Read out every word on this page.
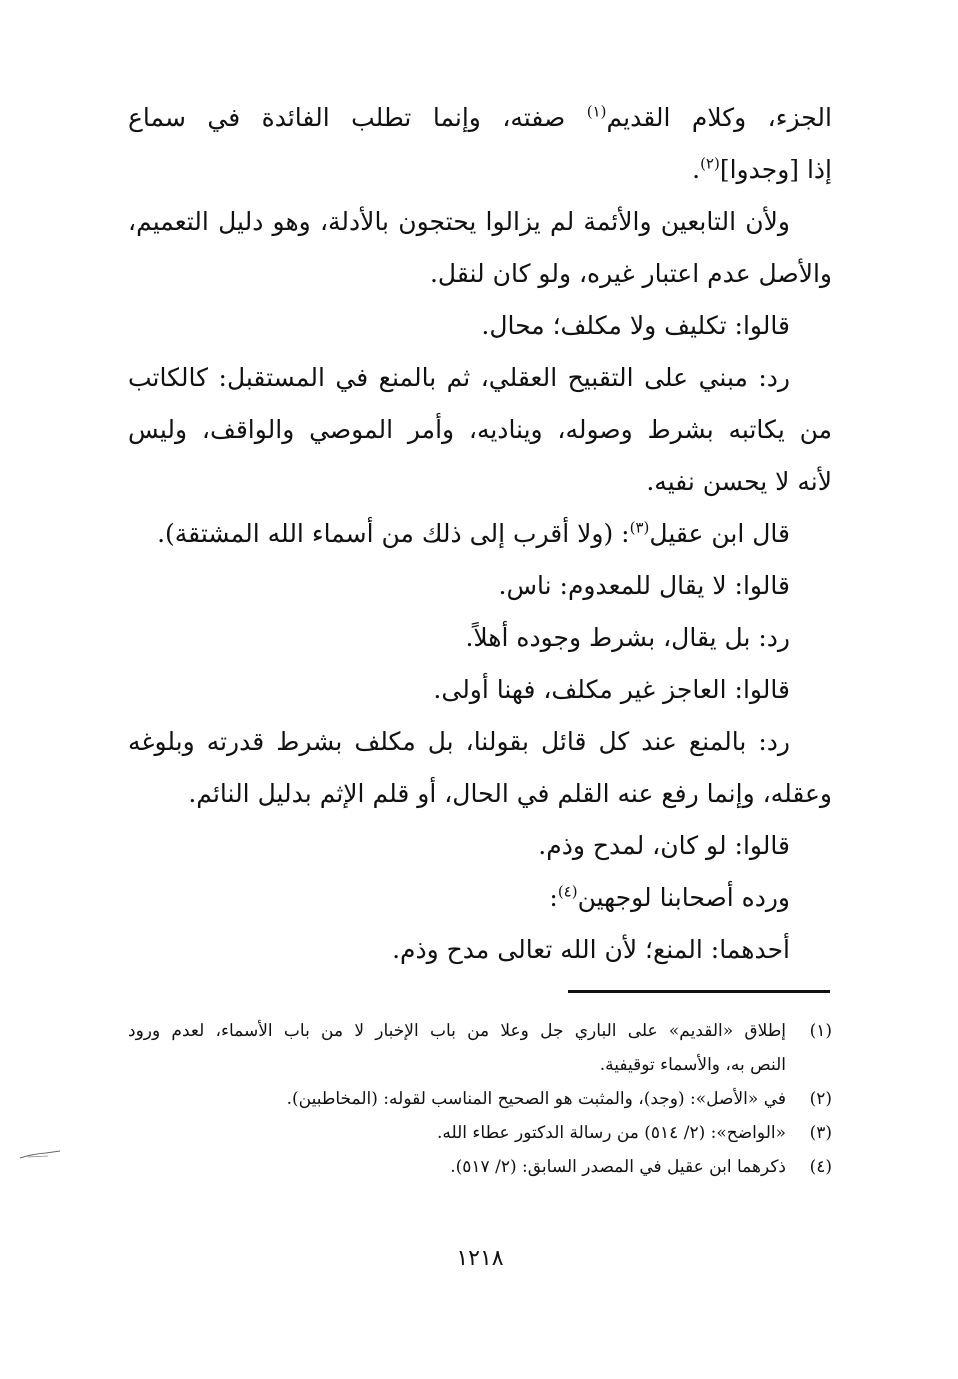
الجزء، وكلام القديم$^{(١)}$ صفته، وإنما تطلب الفائدة في سماع
إذا [وجدوا]$^{(٢)}$.
ولأن التابعين والأئمة لم يزالوا يحتجون بالأدلة، وهو دليل التعميم،
والأصل عدم اعتبار غيره، ولو كان لنقل.
قالوا: تكليف ولا مكلف؛ محال.
رد: مبني على التقبيح العقلي، ثم بالمنع في المستقبل: كالكاتب
من يكاتبه بشرط وصوله، ويناديه، وأمر الموصي والواقف، وليس
لأنه لا يحسن نفيه.
قال ابن عقيل$^{(٣)}$: (ولا أقرب إلى ذلك من أسماء الله المشتقة).
قالوا: لا يقال للمعدوم: ناس.
رد: بل يقال، بشرط وجوده أهلاً.
قالوا: العاجز غير مكلف، فهنا أولى.
رد: بالمنع عند كل قائل بقولنا، بل مكلف بشرط قدرته وبلوغه
وعقله، وإنما رفع عنه القلم في الحال، أو قلم الإثم بدليل النائم.
قالوا: لو كان، لمدح وذم.
ورده أصحابنا لوجهين$^{(٤)}$:
أحدهما: المنع؛ لأن الله تعالى مدح وذم.
(١)
إطلاق «القديم» على الباري جل وعلا من باب الإخبار لا من باب الأسماء، لعدم ورود
النص به، والأسماء توقيفية.
(٢)
في «الأصل»: (وجد)، والمثبت هو الصحيح المناسب لقوله: (المخاطبين).
(٣)
«الواضح»: (٢/ ٥١٤) من رسالة الدكتور عطاء الله.
(٤)
ذكرهما ابن عقيل في المصدر السابق: (٢/ ٥١٧).
١٢١٨
